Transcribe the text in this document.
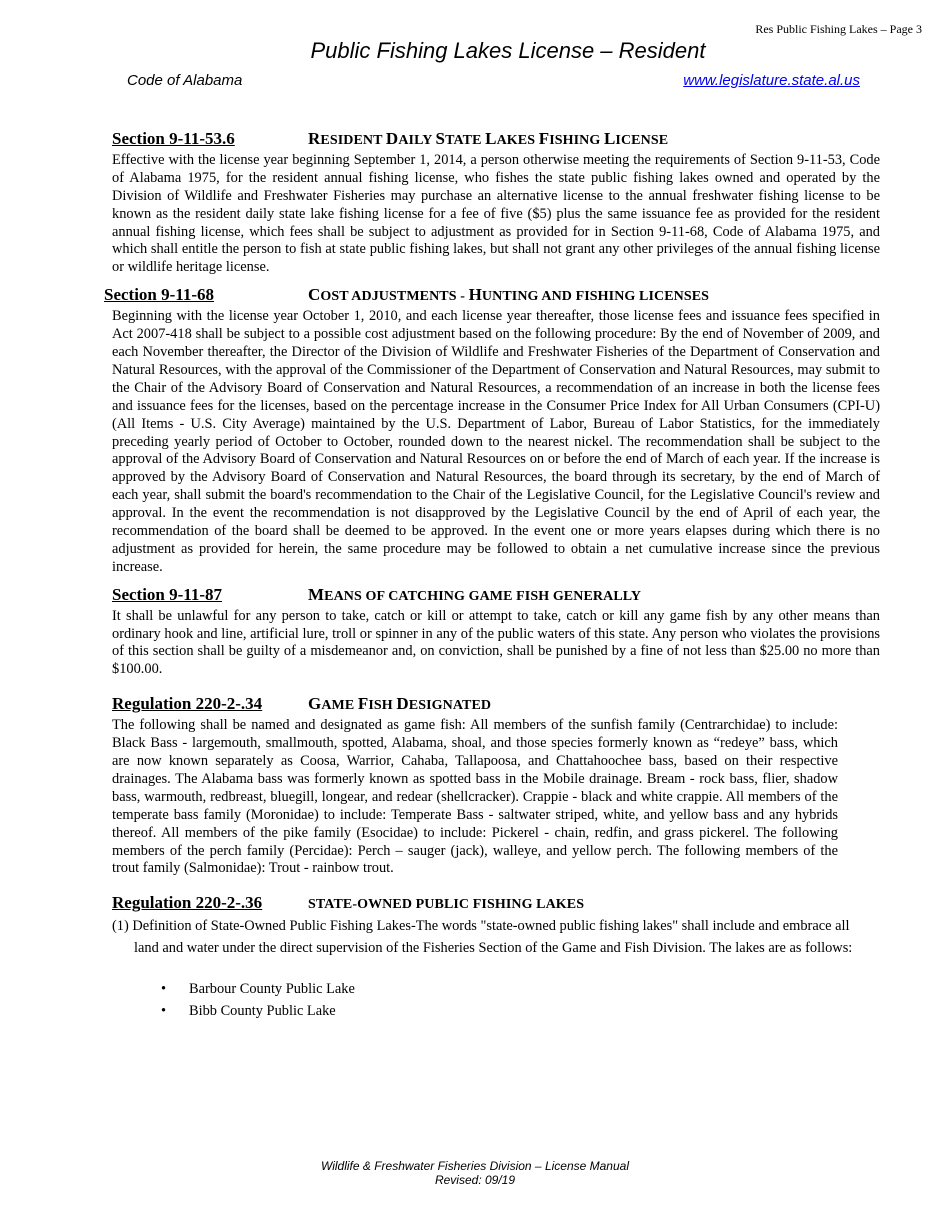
Res Public Fishing Lakes – Page 3
Public Fishing Lakes License – Resident
Code of Alabama	www.legislature.state.al.us
Section 9-11-53.6	RESIDENT DAILY STATE LAKES FISHING LICENSE

Effective with the license year beginning September 1, 2014, a person otherwise meeting the requirements of Section 9-11-53, Code of Alabama 1975, for the resident annual fishing license, who fishes the state public fishing lakes owned and operated by the Division of Wildlife and Freshwater Fisheries may purchase an alternative license to the annual freshwater fishing license to be known as the resident daily state lake fishing license for a fee of five ($5) plus the same issuance fee as provided for the resident annual fishing license, which fees shall be subject to adjustment as provided for in Section 9-11-68, Code of Alabama 1975, and which shall entitle the person to fish at state public fishing lakes, but shall not grant any other privileges of the annual fishing license or wildlife heritage license.

Section 9-11-68	COST ADJUSTMENTS - HUNTING AND FISHING LICENSES

Beginning with the license year October 1, 2010, and each license year thereafter, those license fees and issuance fees specified in Act 2007-418 shall be subject to a possible cost adjustment based on the following procedure: By the end of November of 2009, and each November thereafter, the Director of the Division of Wildlife and Freshwater Fisheries of the Department of Conservation and Natural Resources, with the approval of the Commissioner of the Department of Conservation and Natural Resources, may submit to the Chair of the Advisory Board of Conservation and Natural Resources, a recommendation of an increase in both the license fees and issuance fees for the licenses, based on the percentage increase in the Consumer Price Index for All Urban Consumers (CPI-U) (All Items - U.S. City Average) maintained by the U.S. Department of Labor, Bureau of Labor Statistics, for the immediately preceding yearly period of October to October, rounded down to the nearest nickel. The recommendation shall be subject to the approval of the Advisory Board of Conservation and Natural Resources on or before the end of March of each year. If the increase is approved by the Advisory Board of Conservation and Natural Resources, the board through its secretary, by the end of March of each year, shall submit the board's recommendation to the Chair of the Legislative Council, for the Legislative Council's review and approval. In the event the recommendation is not disapproved by the Legislative Council by the end of April of each year, the recommendation of the board shall be deemed to be approved. In the event one or more years elapses during which there is no adjustment as provided for herein, the same procedure may be followed to obtain a net cumulative increase since the previous increase.

Section 9-11-87	MEANS OF CATCHING GAME FISH GENERALLY

It shall be unlawful for any person to take, catch or kill or attempt to take, catch or kill any game fish by any other means than ordinary hook and line, artificial lure, troll or spinner in any of the public waters of this state. Any person who violates the provisions of this section shall be guilty of a misdemeanor and, on conviction, shall be punished by a fine of not less than $25.00 no more than $100.00.

Regulation 220-2-.34	GAME FISH DESIGNATED

The following shall be named and designated as game fish: All members of the sunfish family (Centrarchidae) to include: Black Bass - largemouth, smallmouth, spotted, Alabama, shoal, and those species formerly known as “redeye” bass, which are now known separately as Coosa, Warrior, Cahaba, Tallapoosa, and Chattahoochee bass, based on their respective drainages. The Alabama bass was formerly known as spotted bass in the Mobile drainage. Bream - rock bass, flier, shadow bass, warmouth, redbreast, bluegill, longear, and redear (shellcracker). Crappie - black and white crappie. All members of the temperate bass family (Moronidae) to include: Temperate Bass - saltwater striped, white, and yellow bass and any hybrids thereof. All members of the pike family (Esocidae) to include: Pickerel - chain, redfin, and grass pickerel. The following members of the perch family (Percidae): Perch – sauger (jack), walleye, and yellow perch. The following members of the trout family (Salmonidae): Trout - rainbow trout.

Regulation 220-2-.36	STATE-OWNED PUBLIC FISHING LAKES

(1) Definition of State-Owned Public Fishing Lakes-The words "state-owned public fishing lakes" shall include and embrace all land and water under the direct supervision of the Fisheries Section of the Game and Fish Division. The lakes are as follows:

• Barbour County Public Lake
• Bibb County Public Lake
Wildlife & Freshwater Fisheries Division – License Manual
Revised: 09/19
